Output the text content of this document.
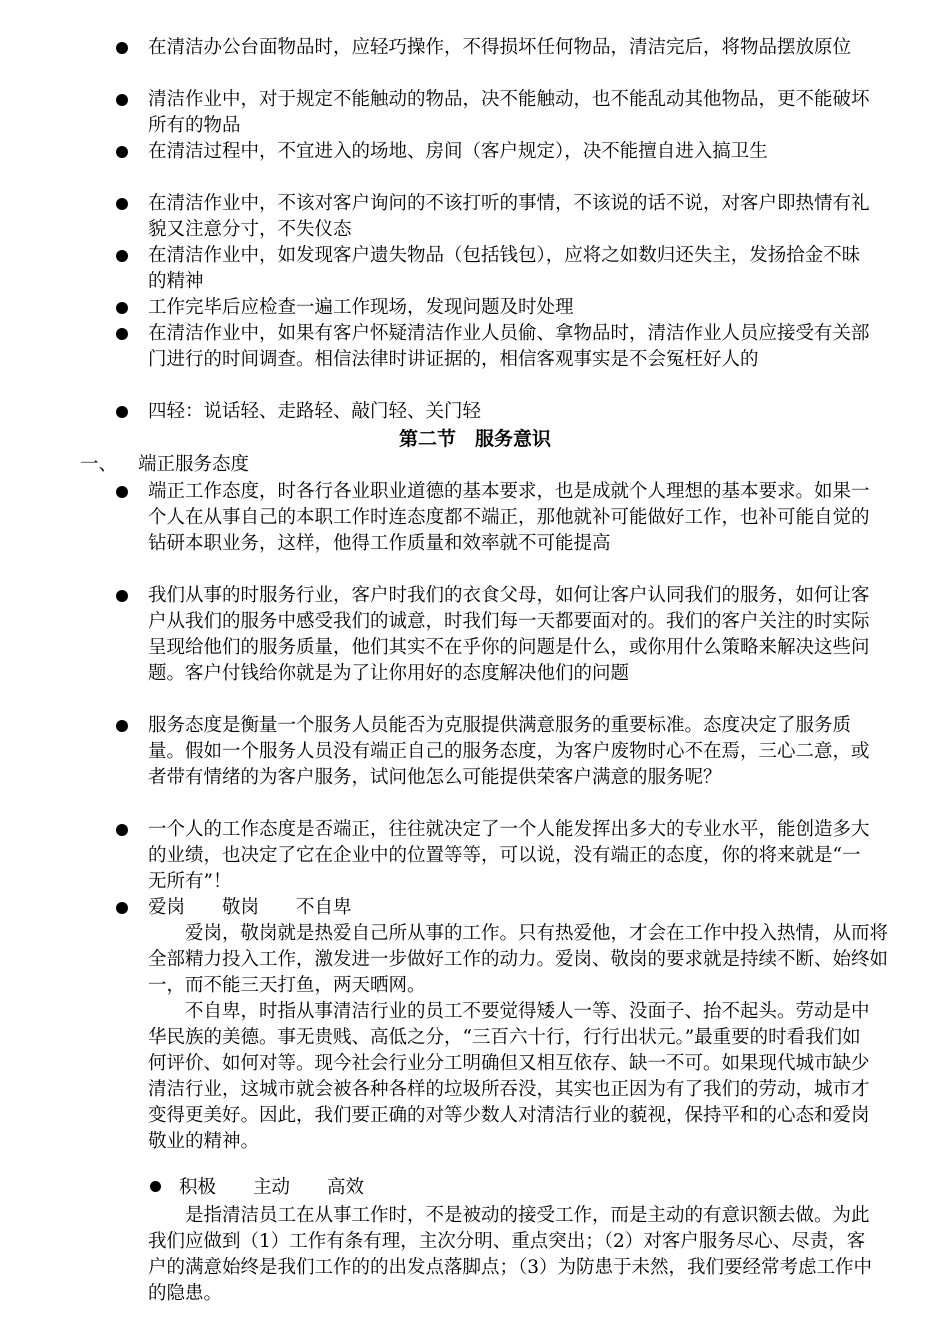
在清洁办公台面物品时，应轻巧操作，不得损坏任何物品，清洁完后，将物品摆放原位
清洁作业中，对于规定不能触动的物品，决不能触动，也不能乱动其他物品，更不能破坏所有的物品
在清洁过程中，不宜进入的场地、房间（客户规定），决不能擅自进入搞卫生
在清洁作业中，不该对客户询问的不该打听的事情，不该说的话不说，对客户即热情有礼貌又注意分寸，不失仪态
在清洁作业中，如发现客户遗失物品（包括钱包），应将之如数归还失主，发扬拾金不昧的精神
工作完毕后应检查一遍工作现场，发现问题及时处理
在清洁作业中，如果有客户怀疑清洁作业人员偷、拿物品时，清洁作业人员应接受有关部门进行的时间调查。相信法律时讲证据的，相信客观事实是不会冤枉好人的
四轻：说话轻、走路轻、敲门轻、关门轻
第二节　服务意识
一、 端正服务态度
端正工作态度，时各行各业职业道德的基本要求，也是成就个人理想的基本要求。如果一个人在从事自己的本职工作时连态度都不端正，那他就补可能做好工作，也补可能自觉的钻研本职业务，这样，他得工作质量和效率就不可能提高
我们从事的时服务行业，客户时我们的衣食父母，如何让客户认同我们的服务，如何让客户从我们的服务中感受我们的诚意，时我们每一天都要面对的。我们的客户关注的时实际呈现给他们的服务质量，他们其实不在乎你的问题是什么，或你用什么策略来解决这些问题。客户付钱给你就是为了让你用好的态度解决他们的问题
服务态度是衡量一个服务人员能否为克服提供满意服务的重要标准。态度决定了服务质量。假如一个服务人员没有端正自己的服务态度，为客户废物时心不在焉，三心二意，或者带有情绪的为客户服务，试问他怎么可能提供荣客户满意的服务呢？
一个人的工作态度是否端正，往往就决定了一个人能发挥出多大的专业水平，能创造多大的业绩，也决定了它在企业中的位置等等，可以说，没有端正的态度，你的将来就是“一无所有”！
爱岗　　敬岗　　不自卑
爱岗，敬岗就是热爱自己所从事的工作。只有热爱他，才会在工作中投入热情，从而将全部精力投入工作，激发进一步做好工作的动力。爱岗、敬岗的要求就是持续不断、始终如一，而不能三天打鱼，两天晒网。
不自卑，时指从事清洁行业的员工不要觉得矮人一等、没面子、抬不起头。劳动是中华民族的美德。事无贵贱、高低之分，“三百六十行，行行出状元。”最重要的时看我们如何评价、如何对等。现今社会行业分工明确但又相互依存、缺一不可。如果现代城市缺少清洁行业，这城市就会被各种各样的垃圾所吞没，其实也正因为有了我们的劳动，城市才变得更美好。因此，我们要正确的对等少数人对清洁行业的藐视，保持平和的心态和爱岗敬业的精神。
积极　　主动　　高效
是指清洁员工在从事工作时，不是被动的接受工作，而是主动的有意识额去做。为此我们应做到（1）工作有条有理，主次分明、重点突出；（2）对客户服务尽心、尽责，客户的满意始终是我们工作的的出发点落脚点；（3）为防患于未然，我们要经常考虑工作中的隐患。
